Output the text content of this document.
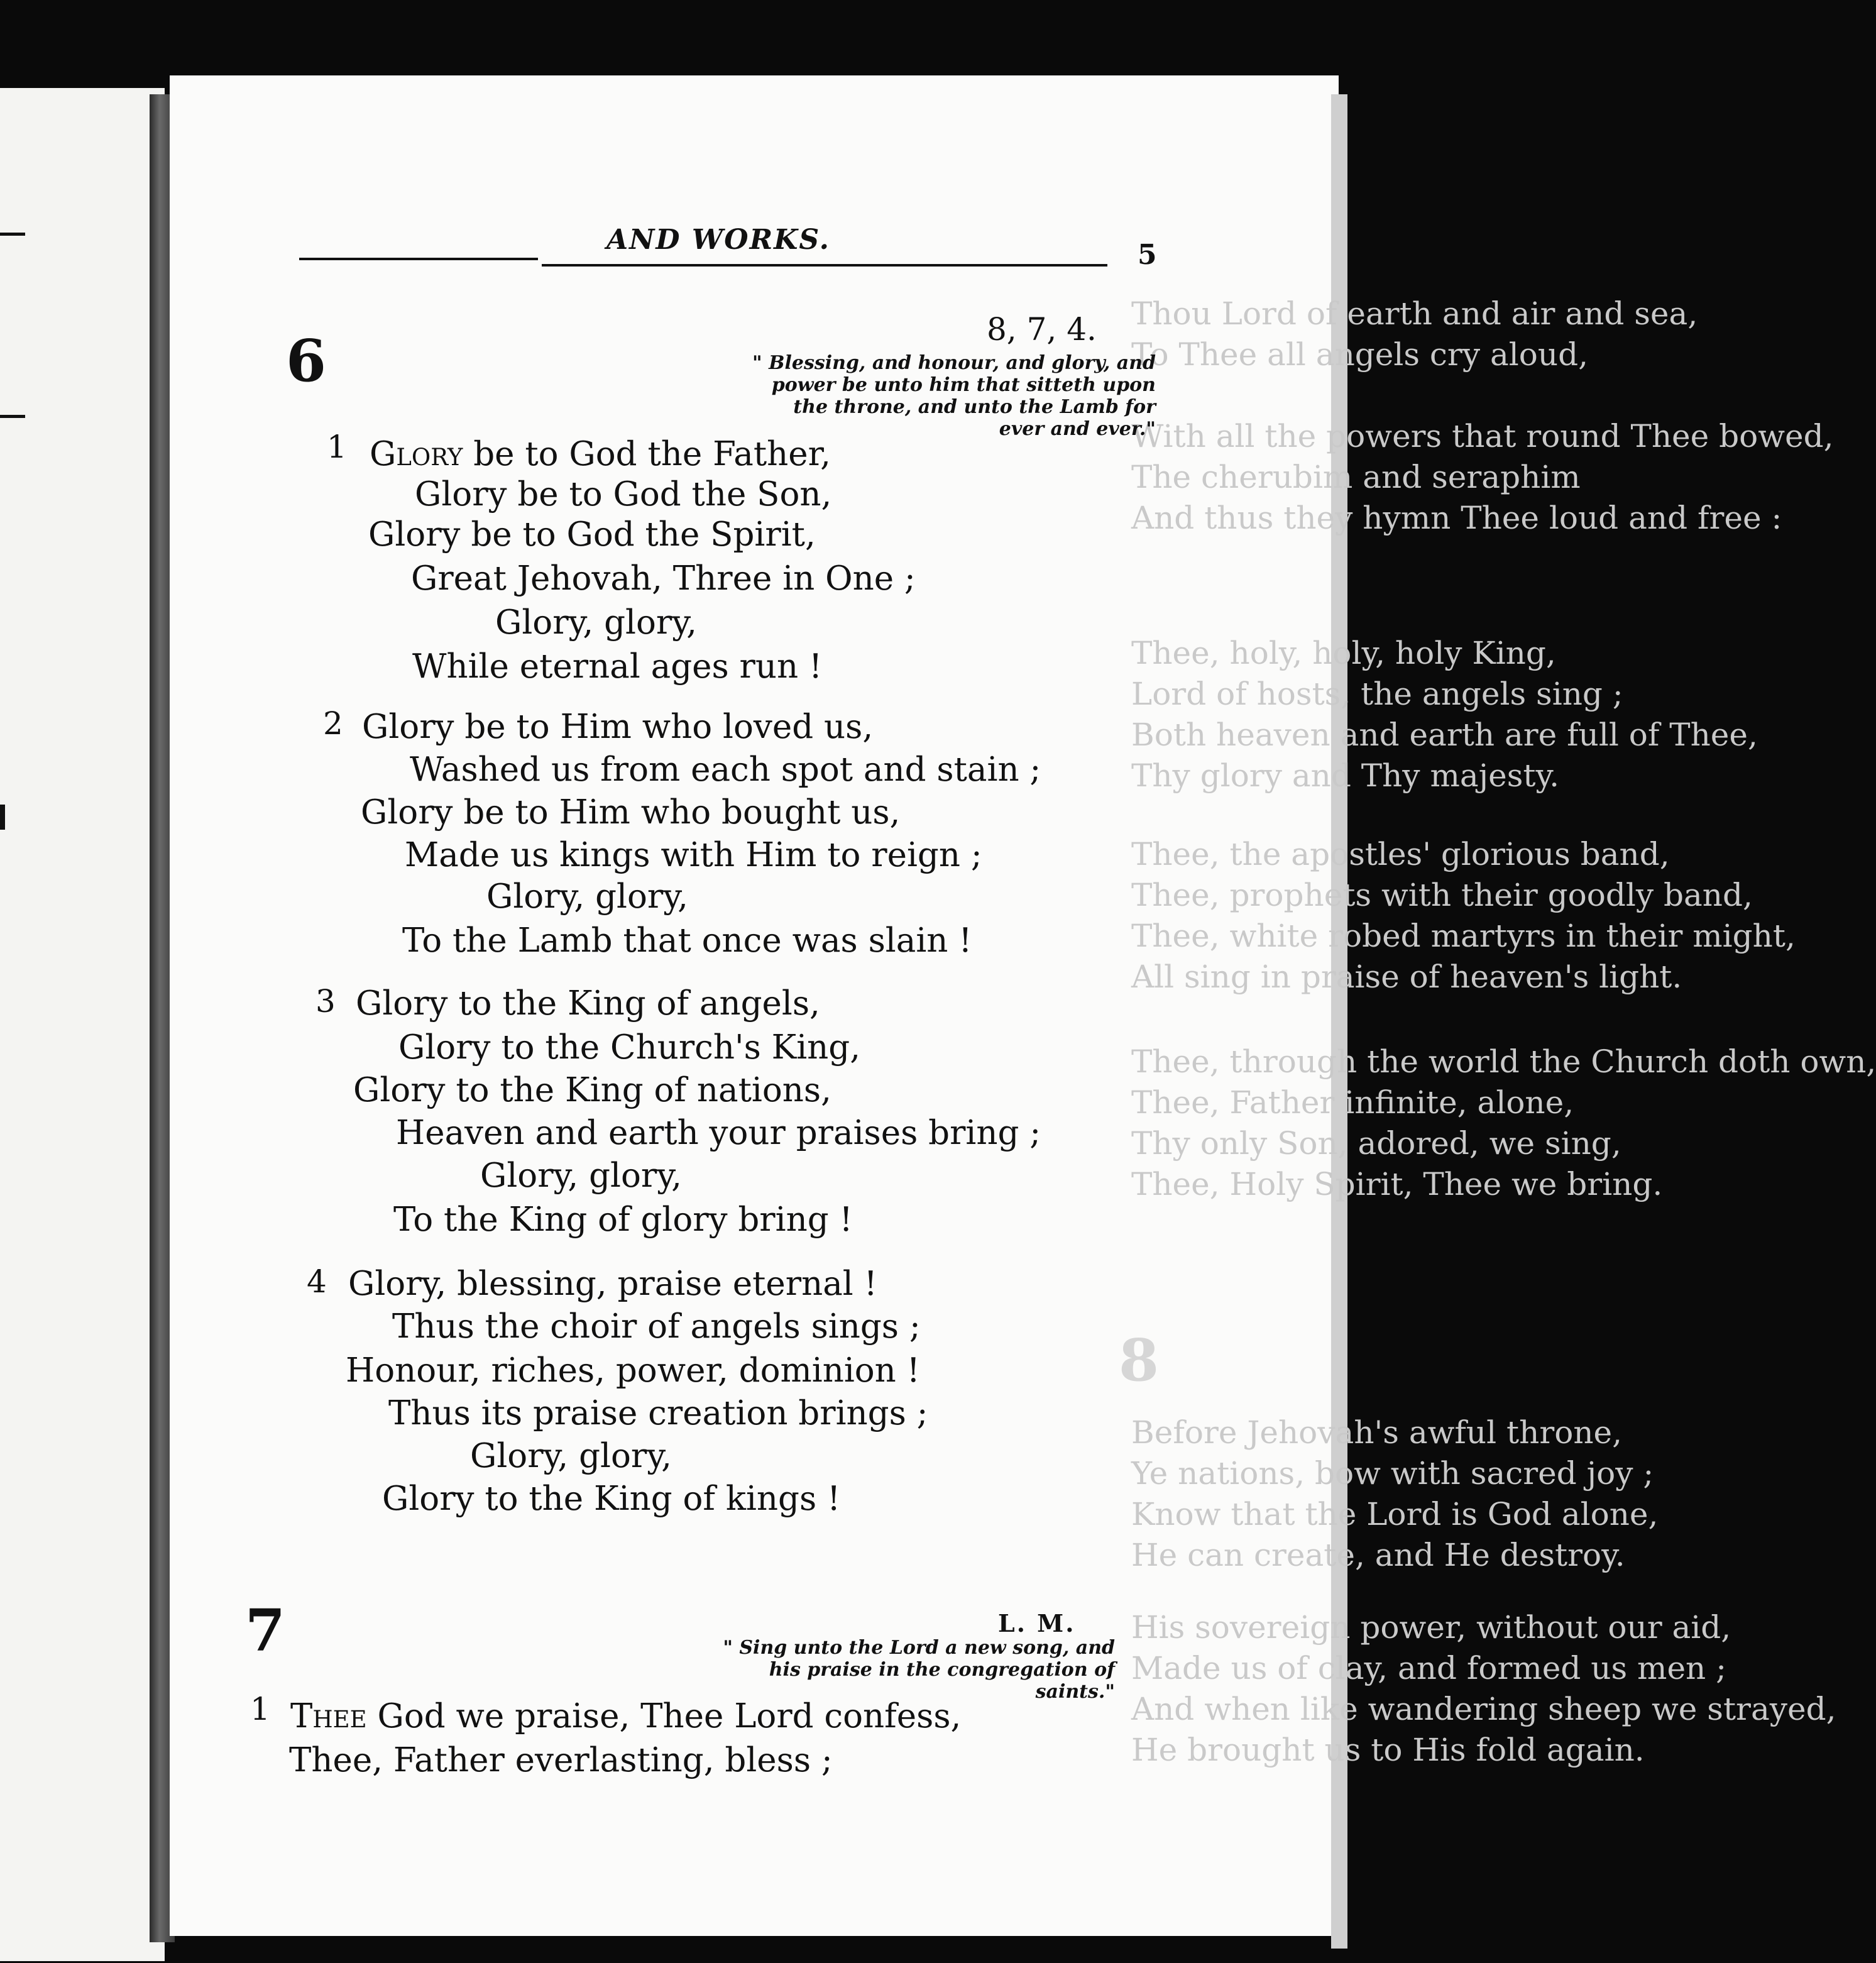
Thou Lord of earth and air and sea,
To Thee all angels cry aloud,
With all the powers that round Thee bowed,
The cherubim and seraphim
And thus they hymn Thee loud and free :
Thee, holy, holy, holy King,
Lord of hosts, the angels sing ;
Both heaven and earth are full of Thee,
Thy glory and Thy majesty.
Thee, the apostles' glorious band,
Thee, prophets with their goodly band,
Thee, white robed martyrs in their might,
All sing in praise of heaven's light.
Thee, through the world the Church doth own,
Thee, Father infinite, alone,
Thy only Son, adored, we sing,
Thee, Holy Spirit, Thee we bring.
8
Before Jehovah's awful throne,
Ye nations, bow with sacred joy ;
Know that the Lord is God alone,
He can create, and He destroy.
His sovereign power, without our aid,
Made us of clay, and formed us men ;
And when like wandering sheep we strayed,
He brought us to His fold again.
AND WORKS.	5
6	8, 7, 4.
" Blessing, and honour, and glory, and
power be unto him that sitteth upon
the throne, and unto the Lamb for
ever and ever."
1 Glory be to God the Father,
Glory be to God the Son,
Glory be to God the Spirit,
Great Jehovah, Three in One ;
Glory, glory,
While eternal ages run !
2 Glory be to Him who loved us,
Washed us from each spot and stain ;
Glory be to Him who bought us,
Made us kings with Him to reign ;
Glory, glory,
To the Lamb that once was slain !
3 Glory to the King of angels,
Glory to the Church's King,
Glory to the King of nations,
Heaven and earth your praises bring ;
Glory, glory,
To the King of glory bring !
4 Glory, blessing, praise eternal !
Thus the choir of angels sings ;
Honour, riches, power, dominion !
Thus its praise creation brings ;
Glory, glory,
Glory to the King of kings !
7	L. M.
" Sing unto the Lord a new song, and
his praise in the congregation of
saints."
1 Thee God we praise, Thee Lord confess,
Thee, Father everlasting, bless ;
